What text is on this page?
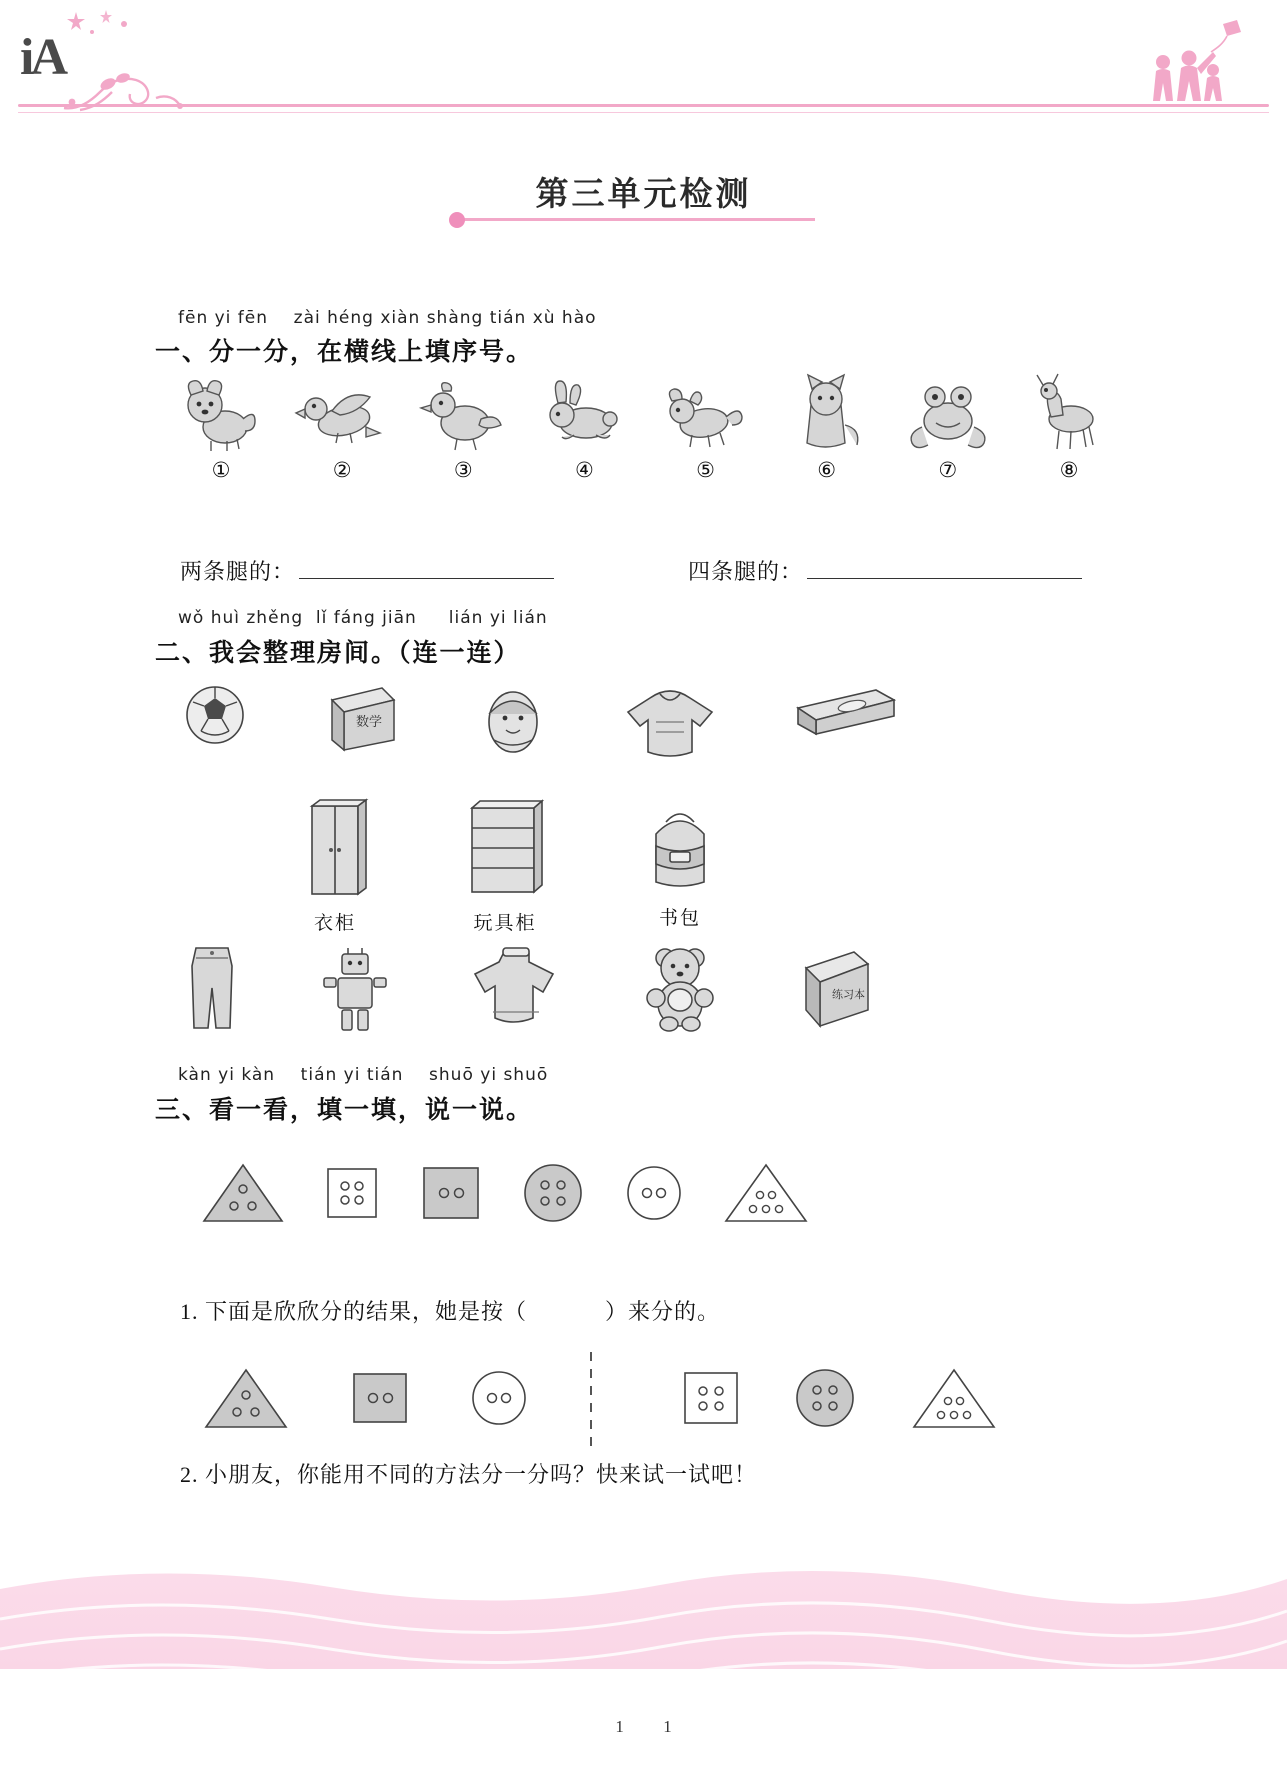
iA
第三单元检测
fēn yi fēn    zài héng xiàn shàng tián xù hào
一、分一分，在横线上填序号。
①	②	③	④	⑤	⑥	⑦	⑧
两条腿的：	四条腿的：
wǒ huì zhěng  lǐ fáng jiān     lián yi lián
二、我会整理房间。（连一连）
数学
衣柜	玩具柜	书包
练习本
kàn yi kàn    tián yi tián    shuō yi shuō
三、看一看，填一填，说一说。
1. 下面是欣欣分的结果，她是按（            ）来分的。
2. 小朋友，你能用不同的方法分一分吗？快来试一试吧！
11
